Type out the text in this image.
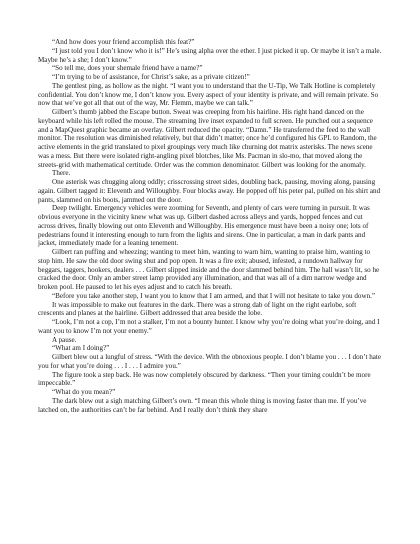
“And how does your friend accomplish this feat?”

“I just told you I don’t know who it is!” He’s using alpha over the ether. I just picked it up. Or maybe it isn’t a male. Maybe he’s a she; I don’t know.”

“So tell me, does your shemale friend have a name?”

“I’m trying to be of assistance, for Christ’s sake, as a private citizen!”

The gentlest ping, as hollow as the night. “I want you to understand that the U-Tip, We Talk Hotline is completely confidential. You don’t know me, I don’t know you. Every aspect of your identity is private, and will remain private. So now that we’ve got all that out of the way, Mr. Flemm, maybe we can talk.”

Gilbert’s thumb jabbed the Escape button. Sweat was creeping from his hairline. His right hand danced on the keyboard while his left rolled the mouse. The streaming live inset expanded to full screen. He punched out a sequence and a MapQuest graphic became an overlay. Gilbert reduced the opacity. “Damn.” He transferred the feed to the wall monitor. The resolution was diminished relatively, but that didn’t matter; once he’d configured his GPL to Random, the active elements in the grid translated to pixel groupings very much like churning dot matrix asterisks. The news scene was a mess. But there were isolated right-angling pixel blotches, like Ms. Pacman in slo-mo, that moved along the streets-grid with mathematical certitude. Order was the common denominator. Gilbert was looking for the anomaly.

There.

One asterisk was chugging along oddly; crisscrossing street sides, doubling back, pausing, moving along, pausing again. Gilbert tagged it: Eleventh and Willoughby. Four blocks away. He popped off his peter pal, pulled on his shirt and pants, slammed on his boots, jammed out the door.

Deep twilight. Emergency vehicles were zooming for Seventh, and plenty of cars were turning in pursuit. It was obvious everyone in the vicinity knew what was up. Gilbert dashed across alleys and yards, hopped fences and cut across drives, finally blowing out onto Eleventh and Willoughby. His emergence must have been a noisy one; lots of pedestrians found it interesting enough to turn from the lights and sirens. One in particular, a man in dark pants and jacket, immediately made for a leaning tenement.

Gilbert ran puffing and wheezing; wanting to meet him, wanting to warn him, wanting to praise him, wanting to stop him. He saw the old door swing shut and pop open. It was a fire exit; abused, infested, a rundown hallway for beggars, taggers, hookers, dealers . . . Gilbert slipped inside and the door slammed behind him. The hall wasn’t lit, so he cracked the door. Only an amber street lamp provided any illumination, and that was all of a dim narrow wedge and broken pool. He paused to let his eyes adjust and to catch his breath.

“Before you take another step, I want you to know that I am armed, and that I will not hesitate to take you down.”

It was impossible to make out features in the dark. There was a strong dab of light on the right earlobe, soft crescents and planes at the hairline. Gilbert addressed that area beside the lobe.

“Look, I’m not a cop, I’m not a stalker, I’m not a bounty hunter. I know why you’re doing what you’re doing, and I want you to know I’m not your enemy.”

A pause.

“What am I doing?”

Gilbert blew out a lungful of stress. “With the device. With the obnoxious people. I don’t blame you . . . I don’t hate you for what you’re doing . . . I . . . I admire you.”

The figure took a step back. He was now completely obscured by darkness. “Then your timing couldn’t be more impeccable.”

“What do you mean?”

The dark blew out a sigh matching Gilbert’s own. “I mean this whole thing is moving faster than me. If you’ve latched on, the authorities can’t be far behind. And I really don’t think they share
